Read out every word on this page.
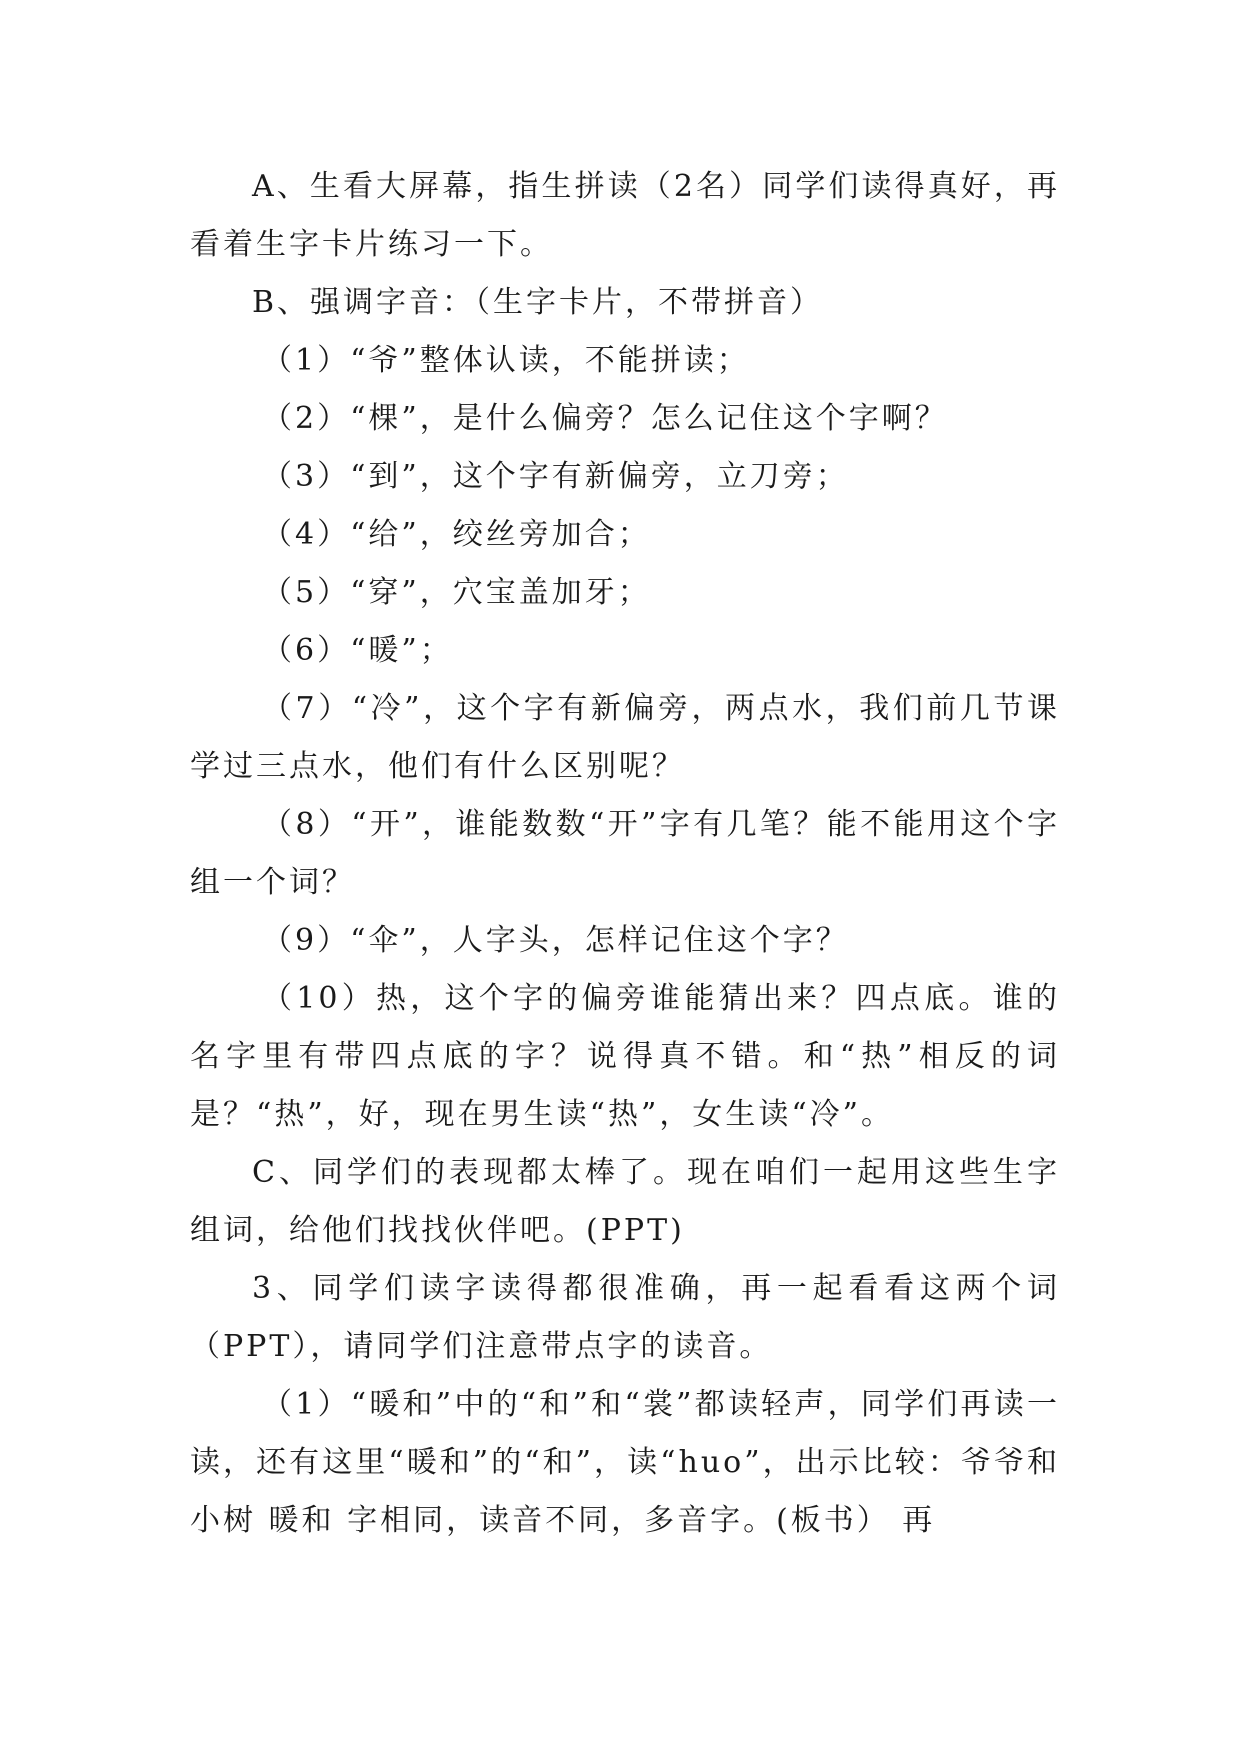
A、生看大屏幕，指生拼读（2名）同学们读得真好，再看着生字卡片练习一下。

B、强调字音：（生字卡片，不带拼音）

（1）“爷”整体认读，不能拼读；

（2）“棵”，是什么偏旁？怎么记住这个字啊？

（3）“到”，这个字有新偏旁，立刀旁；

（4）“给”，绞丝旁加合；

（5）“穿”，穴宝盖加牙；

（6）“暖”；

（7）“冷”，这个字有新偏旁，两点水，我们前几节课学过三点水，他们有什么区别呢？

（8）“开”，谁能数数“开”字有几笔？能不能用这个字组一个词？

（9）“伞”，人字头，怎样记住这个字？

（10）热，这个字的偏旁谁能猜出来？四点底。谁的名字里有带四点底的字？说得真不错。和“热”相反的词是？“热”，好，现在男生读“热”，女生读“冷”。

C、同学们的表现都太棒了。现在咱们一起用这些生字组词，给他们找找伙伴吧。(PPT)

3、同学们读字读得都很准确，再一起看看这两个词（PPT），请同学们注意带点字的读音。

（1）“暖和”中的“和”和“裳”都读轻声，同学们再读一读，还有这里“暖和”的“和”，读“huo”，出示比较：爷爷和小树 暖和 字相同，读音不同，多音字。(板书） 再
